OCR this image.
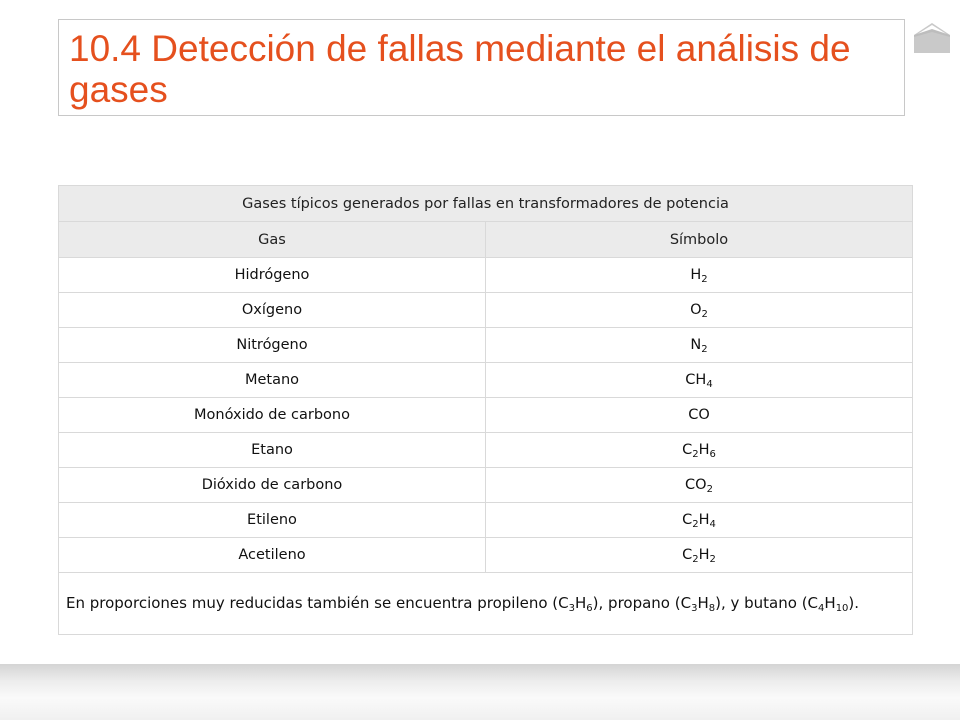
10.4 Detección de fallas mediante el análisis de gases
Gases típicos generados por fallas en transformadores de potencia	
Gas	Símbolo
Hidrógeno	$H_2$
Oxígeno	$O_2$
Nitrógeno	$N_2$
Metano	$CH_4$
Monóxido de carbono	CO
Etano	$C_2H_6$
Dióxido de carbono	$CO_2$
Etileno	$C_2H_4$
Acetileno	$C_2H_2$
En proporciones muy reducidas también se encuentra propileno $(C_3H_6)$, propano $(C_3H_8)$, y butano $(C_4H_{10})$.	
